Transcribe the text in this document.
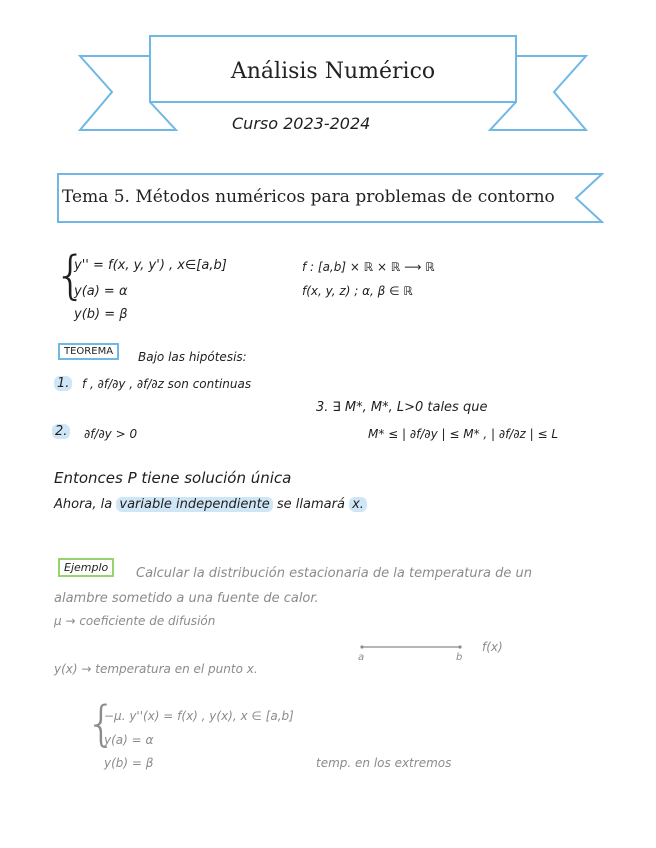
Análisis Numérico
Curso 2023-2024
Tema 5. Métodos numéricos para problemas de contorno
{
y'' = f(x, y, y') , x∈[a,b]
y(a) = α
y(b) = β
f : [a,b] × ℝ × ℝ ⟶ ℝ
f(x, y, z) ; α, β ∈ ℝ
TEOREMA	Bajo las hipótesis:
1. f , ∂f/∂y , ∂f/∂z son continuas
3. ∃ M*, M*, L>0 tales que
2. ∂f/∂y > 0	M* ≤ | ∂f/∂y | ≤ M* , | ∂f/∂z | ≤ L
Entonces P tiene solución única
Ahora, la variable independiente se llamará x.
Ejemplo	Calcular la distribución estacionaria de la temperatura de un
alambre sometido a una fuente de calor.
μ → coeficiente de difusión
a	b
f(x)
y(x) → temperatura en el punto x.
{
−μ. y''(x) = f(x) , y(x), x ∈ [a,b]
y(a) = α
y(b) = β	temp. en los extremos
